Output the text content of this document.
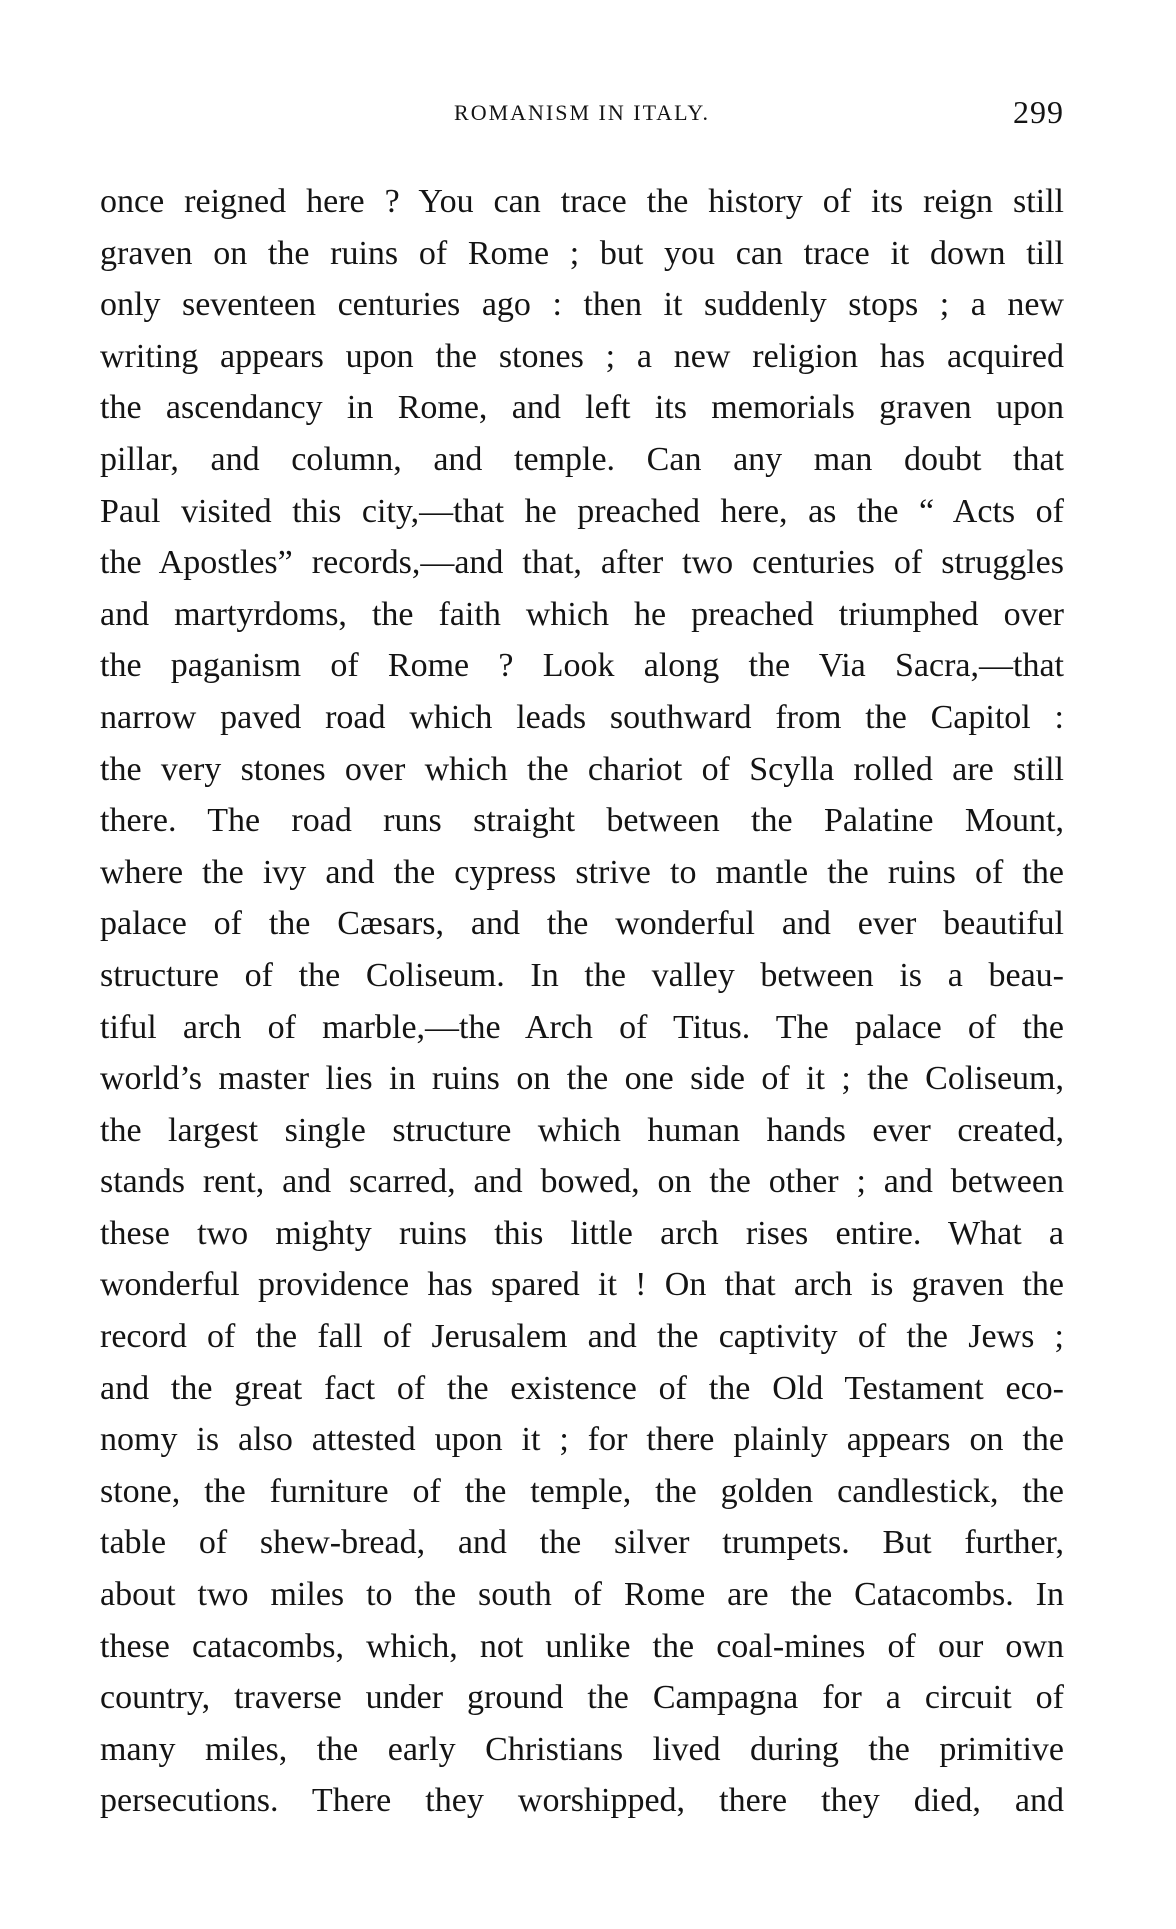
ROMANISM IN ITALY.	299
once reigned here ? You can trace the history of its reign still
graven on the ruins of Rome ; but you can trace it down till
only seventeen centuries ago : then it suddenly stops ; a new
writing appears upon the stones ; a new religion has acquired
the ascendancy in Rome, and left its memorials graven upon
pillar, and column, and temple. Can any man doubt that
Paul visited this city,—that he preached here, as the “ Acts of
the Apostles” records,—and that, after two centuries of struggles
and martyrdoms, the faith which he preached triumphed over
the paganism of Rome ? Look along the Via Sacra,—that
narrow paved road which leads southward from the Capitol :
the very stones over which the chariot of Scylla rolled are still
there. The road runs straight between the Palatine Mount,
where the ivy and the cypress strive to mantle the ruins of the
palace of the Cæsars, and the wonderful and ever beautiful
structure of the Coliseum. In the valley between is a beau-
tiful arch of marble,—the Arch of Titus. The palace of the
world’s master lies in ruins on the one side of it ; the Coliseum,
the largest single structure which human hands ever created,
stands rent, and scarred, and bowed, on the other ; and between
these two mighty ruins this little arch rises entire. What a
wonderful providence has spared it ! On that arch is graven the
record of the fall of Jerusalem and the captivity of the Jews ;
and the great fact of the existence of the Old Testament eco-
nomy is also attested upon it ; for there plainly appears on the
stone, the furniture of the temple, the golden candlestick, the
table of shew-bread, and the silver trumpets. But further,
about two miles to the south of Rome are the Catacombs. In
these catacombs, which, not unlike the coal-mines of our own
country, traverse under ground the Campagna for a circuit of
many miles, the early Christians lived during the primitive
persecutions. There they worshipped, there they died, and
